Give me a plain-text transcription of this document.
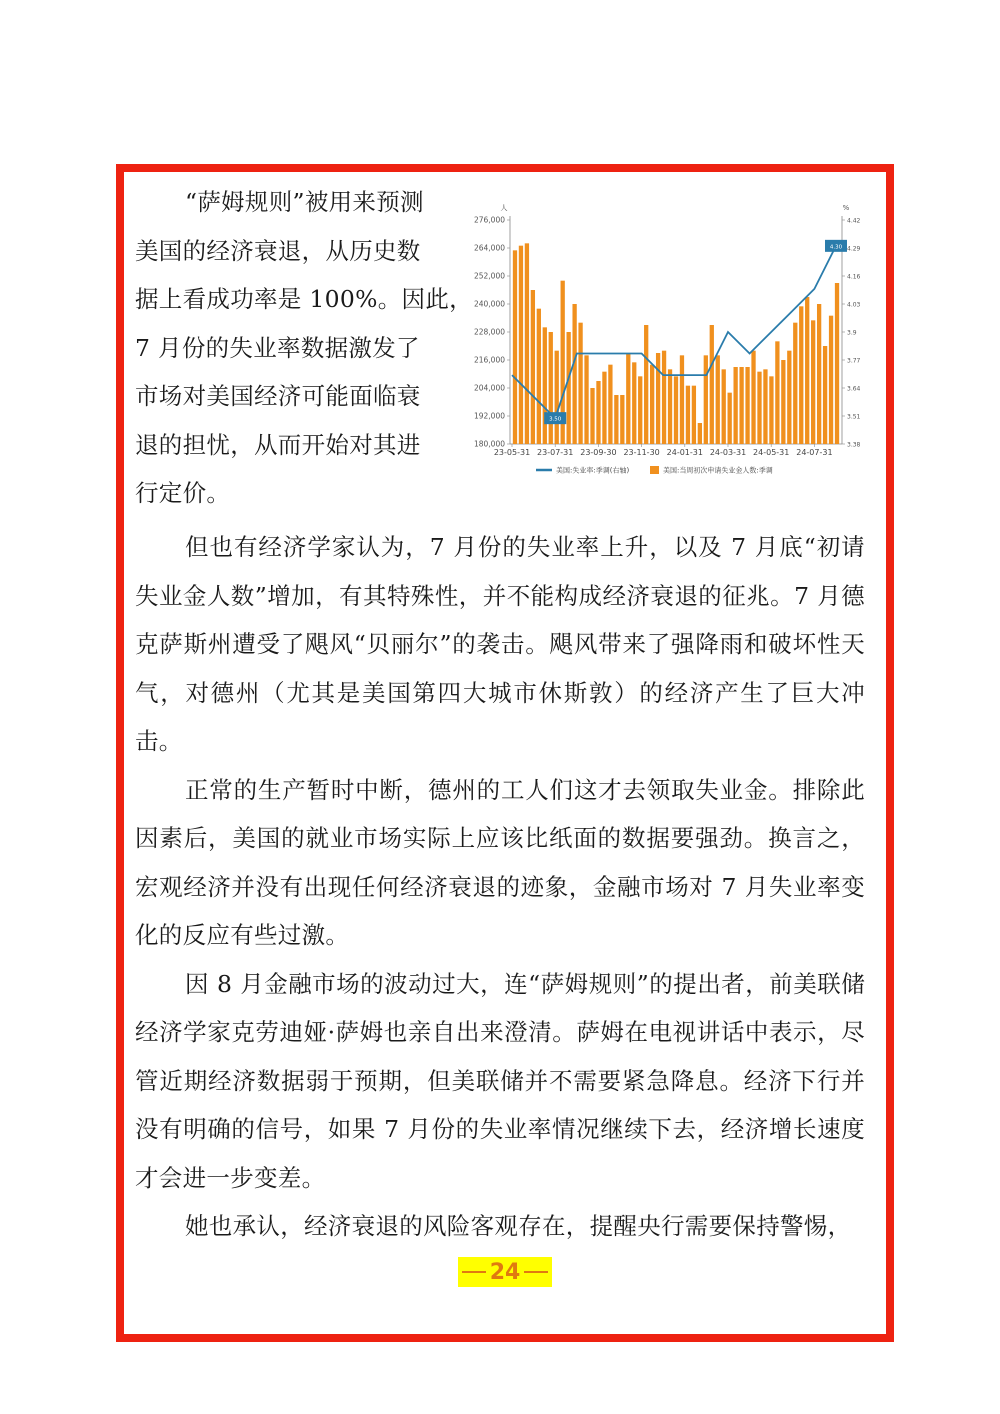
“萨姆规则”被用来预测
美国的经济衰退，从历史数
据上看成功率是 100%。因此，
7 月份的失业率数据激发了
市场对美国经济可能面临衰
退的担忧，从而开始对其进
行定价。
人	%
276,000
264,000
252,000
240,000
228,000
216,000
204,000
192,000
180,000
4.42
4.29
4.16
4.03
3.9
3.77
3.64
3.51
3.38
23-05-31 23-07-31 23-09-30 23-11-30 24-01-31 24-03-31 24-05-31 24-07-31
3.50
4.30
美国:失业率:季调(右轴)	美国:当周初次申请失业金人数:季调

但也有经济学家认为，7 月份的失业率上升，以及 7 月底“初请失业金人数”增加，有其特殊性，并不能构成经济衰退的征兆。7 月德克萨斯州遭受了飓风“贝丽尔”的袭击。飓风带来了强降雨和破坏性天气，对德州（尤其是美国第四大城市休斯敦）的经济产生了巨大冲击。

正常的生产暂时中断，德州的工人们这才去领取失业金。排除此因素后，美国的就业市场实际上应该比纸面的数据要强劲。换言之，宏观经济并没有出现任何经济衰退的迹象，金融市场对 7 月失业率变化的反应有些过激。

因 8 月金融市场的波动过大，连“萨姆规则”的提出者，前美联储经济学家克劳迪娅·萨姆也亲自出来澄清。萨姆在电视讲话中表示，尽管近期经济数据弱于预期，但美联储并不需要紧急降息。经济下行并没有明确的信号，如果 7 月份的失业率情况继续下去，经济增长速度才会进一步变差。

她也承认，经济衰退的风险客观存在，提醒央行需要保持警惕，

24
